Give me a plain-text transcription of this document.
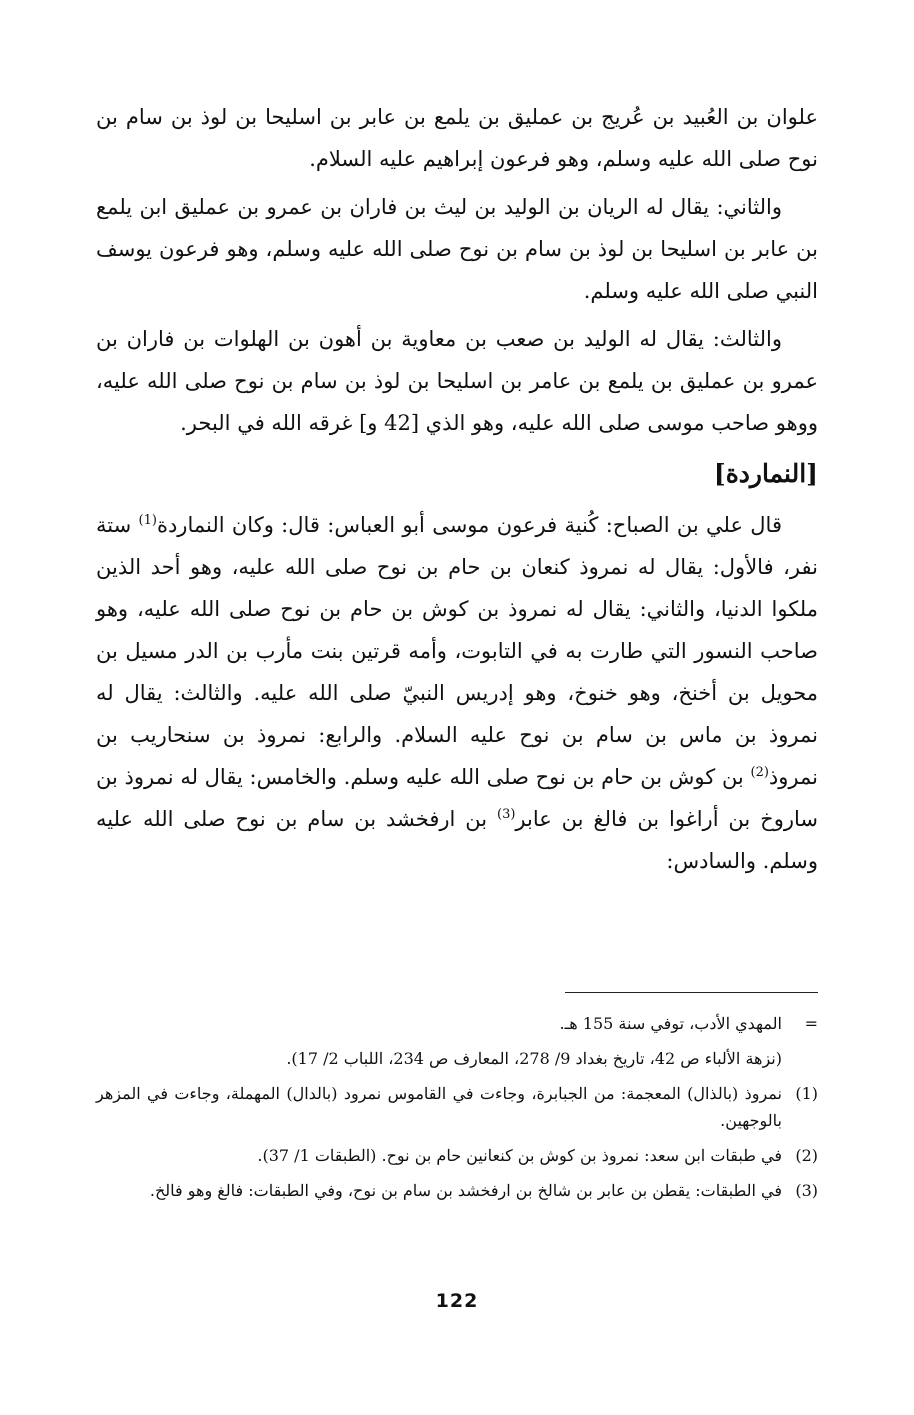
علوان بن العُبيد بن عُريج بن عمليق بن يلمع بن عابر بن اسليحا بن لوذ بن سام بن نوح صلى الله عليه وسلم، وهو فرعون إبراهيم عليه السلام.

والثاني: يقال له الريان بن الوليد بن ليث بن فاران بن عمرو بن عمليق ابن يلمع بن عابر بن اسليحا بن لوذ بن سام بن نوح صلى الله عليه وسلم، وهو فرعون يوسف النبي صلى الله عليه وسلم.

والثالث: يقال له الوليد بن صعب بن معاوية بن أهون بن الهلوات بن فاران بن عمرو بن عمليق بن يلمع بن عامر بن اسليحا بن لوذ بن سام بن نوح صلى الله عليه، ووهو صاحب موسى صلى الله عليه، وهو الذي [42 و] غرقه الله في البحر.

[النماردة]

قال علي بن الصباح: كُنية فرعون موسى أبو العباس: قال: وكان النماردة$^{(1)}$ ستة نفر، فالأول: يقال له نمروذ كنعان بن حام بن نوح صلى الله عليه، وهو أحد الذين ملكوا الدنيا، والثاني: يقال له نمروذ بن كوش بن حام بن نوح صلى الله عليه، وهو صاحب النسور التي طارت به في التابوت، وأمه قرتين بنت مأرب بن الدر مسيل بن محويل بن أخنخ، وهو خنوخ، وهو إدريس النبيّ صلى الله عليه. والثالث: يقال له نمروذ بن ماس بن سام بن نوح عليه السلام. والرابع: نمروذ بن سنحاريب بن نمروذ$^{(2)}$ بن كوش بن حام بن نوح صلى الله عليه وسلم. والخامس: يقال له نمروذ بن ساروخ بن أراغوا بن فالغ بن عابر$^{(3)}$ بن ارفخشد بن سام بن نوح صلى الله عليه وسلم. والسادس:

=
المهدي الأدب، توفي سنة 155 هـ.
(نزهة الألباء ص 42، تاريخ بغداد 9/ 278، المعارف ص 234، اللباب 2/ 17).
(1)
نمروذ (بالذال) المعجمة: من الجبابرة، وجاءت في القاموس نمرود (بالدال) المهملة، وجاءت في المزهر بالوجهين.
(2)
في طبقات ابن سعد: نمروذ بن كوش بن كنعانين حام بن نوح. (الطبقات 1/ 37).
(3)
في الطبقات: يقطن بن عابر بن شالخ بن ارفخشد بن سام بن نوح، وفي الطبقات: فالغ وهو فالخ.
122
